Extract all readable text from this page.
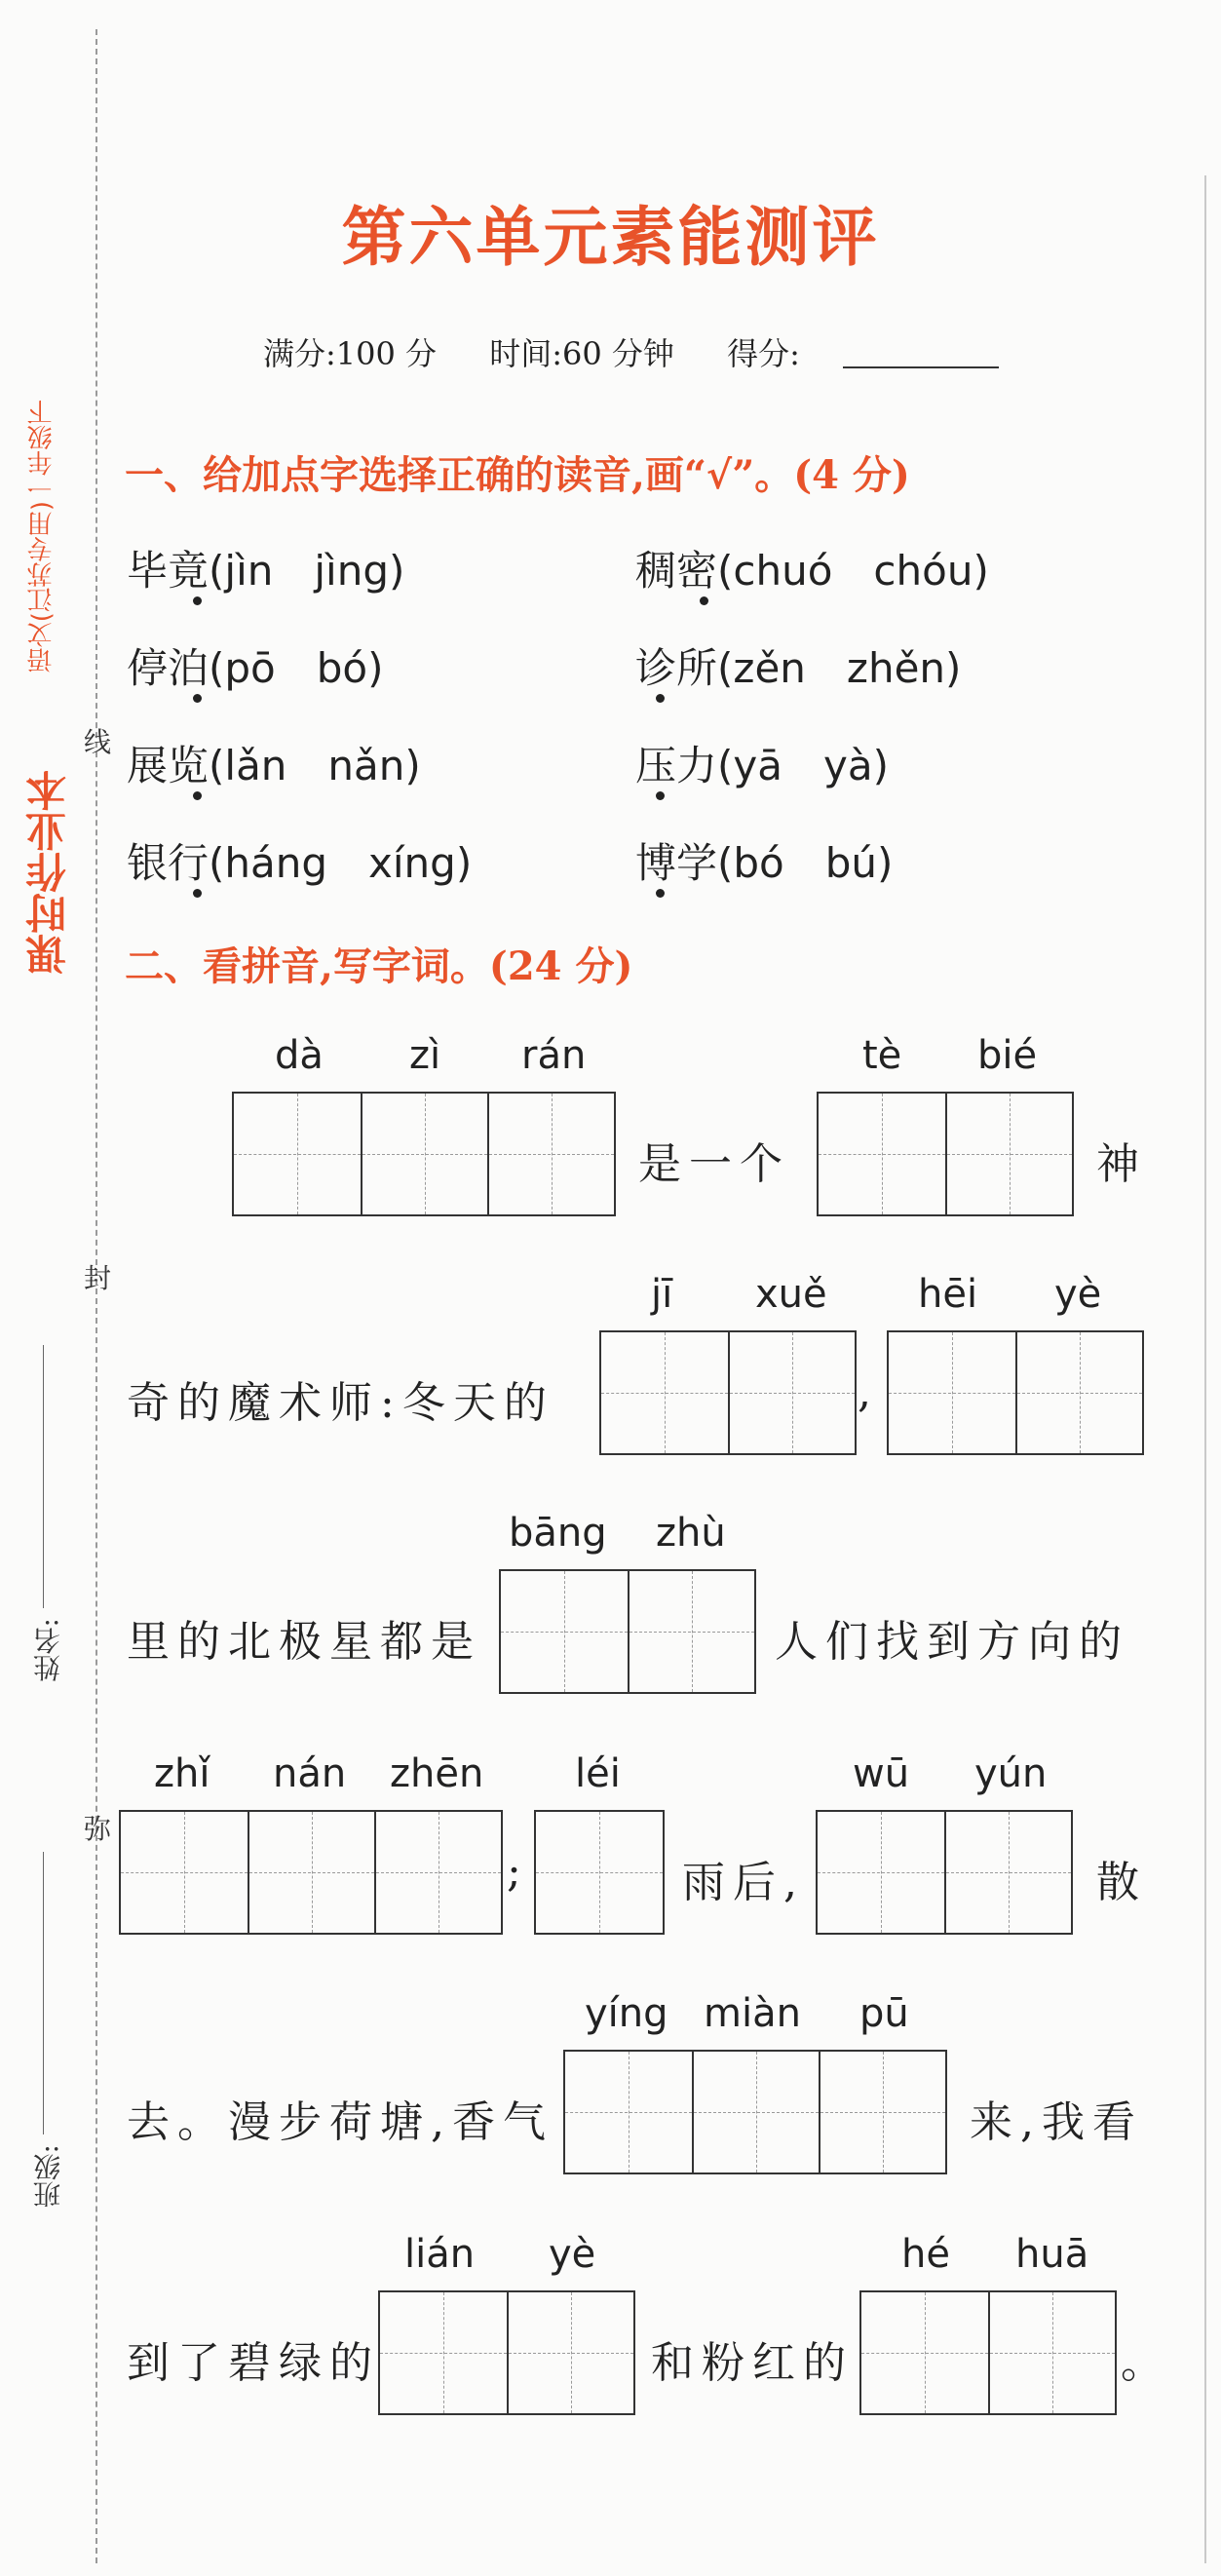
线
封
弥
课时作业本
语文(江苏专用)一年级下
姓名:
班级:
第六单元素能测评
满分:100 分 时间:60 分钟 得分:
一、给加点字选择正确的读音,画“√”。(4 分)
毕竟(jìn　jìng)	稠密(chuó　chóu)
停泊(pō　bó)	诊所(zěn　zhěn)
展览(lǎn　nǎn)	压力(yā　yà)
银行(háng　xíng)	博学(bó　bú)
二、看拼音,写字词。(24 分)
dà zì rán	tè bié
是一个	神
jī xuě hēi yè
奇的魔术师:冬天的	,
bāng zhù
里的北极星都是	人们找到方向的
zhǐ nán zhēn léi	wū yún
;	雨后,	散
yíng miàn pū
去。漫步荷塘,香气	来,我看
lián yè	hé huā
到了碧绿的	和粉红的	。
